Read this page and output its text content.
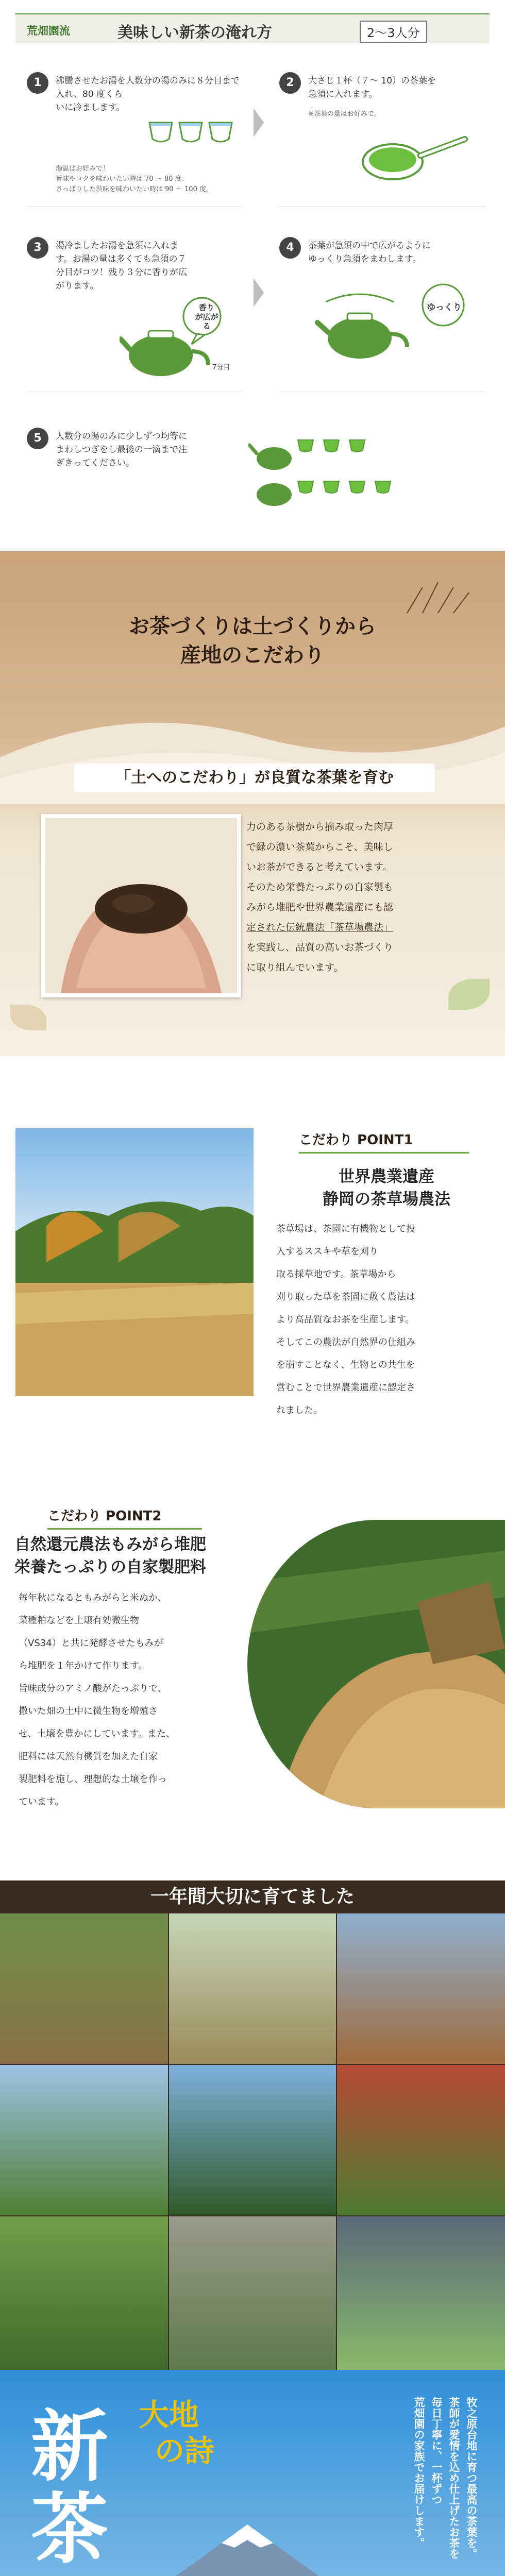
荒畑園流	美味しい新茶の淹れ方	2〜3人分
1	沸騰させたお湯を人数分の湯のみに８分目まで入れ、80 度くら
いに冷まします。
湯温はお好みで！
旨味やコクを味わいたい時は 70 〜 80 度、
さっぱりした渋味を味わいたい時は 90 〜 100 度。
2	大さじ１杯（７〜 10）の茶葉を
急須に入れます。
※茶葉の量はお好みで。
3	湯冷ましたお湯を急須に入れま
す。お湯の量は多くても急須の７
分目がコツ！残り３分に香りが広
がります。
香り
が広がる
7分目
4	茶葉が急須の中で広がるように
ゆっくり急須をまわします。
ゆっくり
5	人数分の湯のみに少しずつ均等に
まわしつぎをし最後の一滴まで注
ぎきってください。
お茶づくりは土づくりから
産地のこだわり
「土へのこだわり」が良質な茶葉を育む
力のある茶樹から摘み取った肉厚
で緑の濃い茶葉からこそ、美味し
いお茶ができると考えています。
そのため栄養たっぷりの自家製も
みがら堆肥や世界農業遺産にも認
定された伝統農法「茶草場農法」
を実践し、品質の高いお茶づくり
に取り組んでいます。
こだわり POINT1
世界農業遺産
静岡の茶草場農法
茶草場は、茶園に有機物として投
入するススキや草を刈り
取る採草地です。茶草場から
刈り取った草を茶園に敷く農法は
より高品質なお茶を生産します。
そしてこの農法が自然界の仕組み
を崩すことなく、生物との共生を
営むことで世界農業遺産に認定さ
れました。
こだわり POINT2
自然還元農法もみがら堆肥
栄養たっぷりの自家製肥料
毎年秋になるともみがらと米ぬか、
菜種粕などを土壌有効微生物
（VS34）と共に発酵させたもみが
ら堆肥を１年かけて作ります。
旨味成分のアミノ酸がたっぷりで、
撒いた畑の土中に微生物を増殖さ
せ、土壌を豊かにしています。また、
肥料には天然有機質を加えた自家
製肥料を施し、理想的な土壌を作っ
ています。
一年間大切に育てました
新
茶
大地
の詩	牧之原台地に育つ最高の茶葉を。
茶師が愛情を込め仕上げたお茶を
毎日丁寧に、一杯ずつ
荒畑園の家族でお届けします。
